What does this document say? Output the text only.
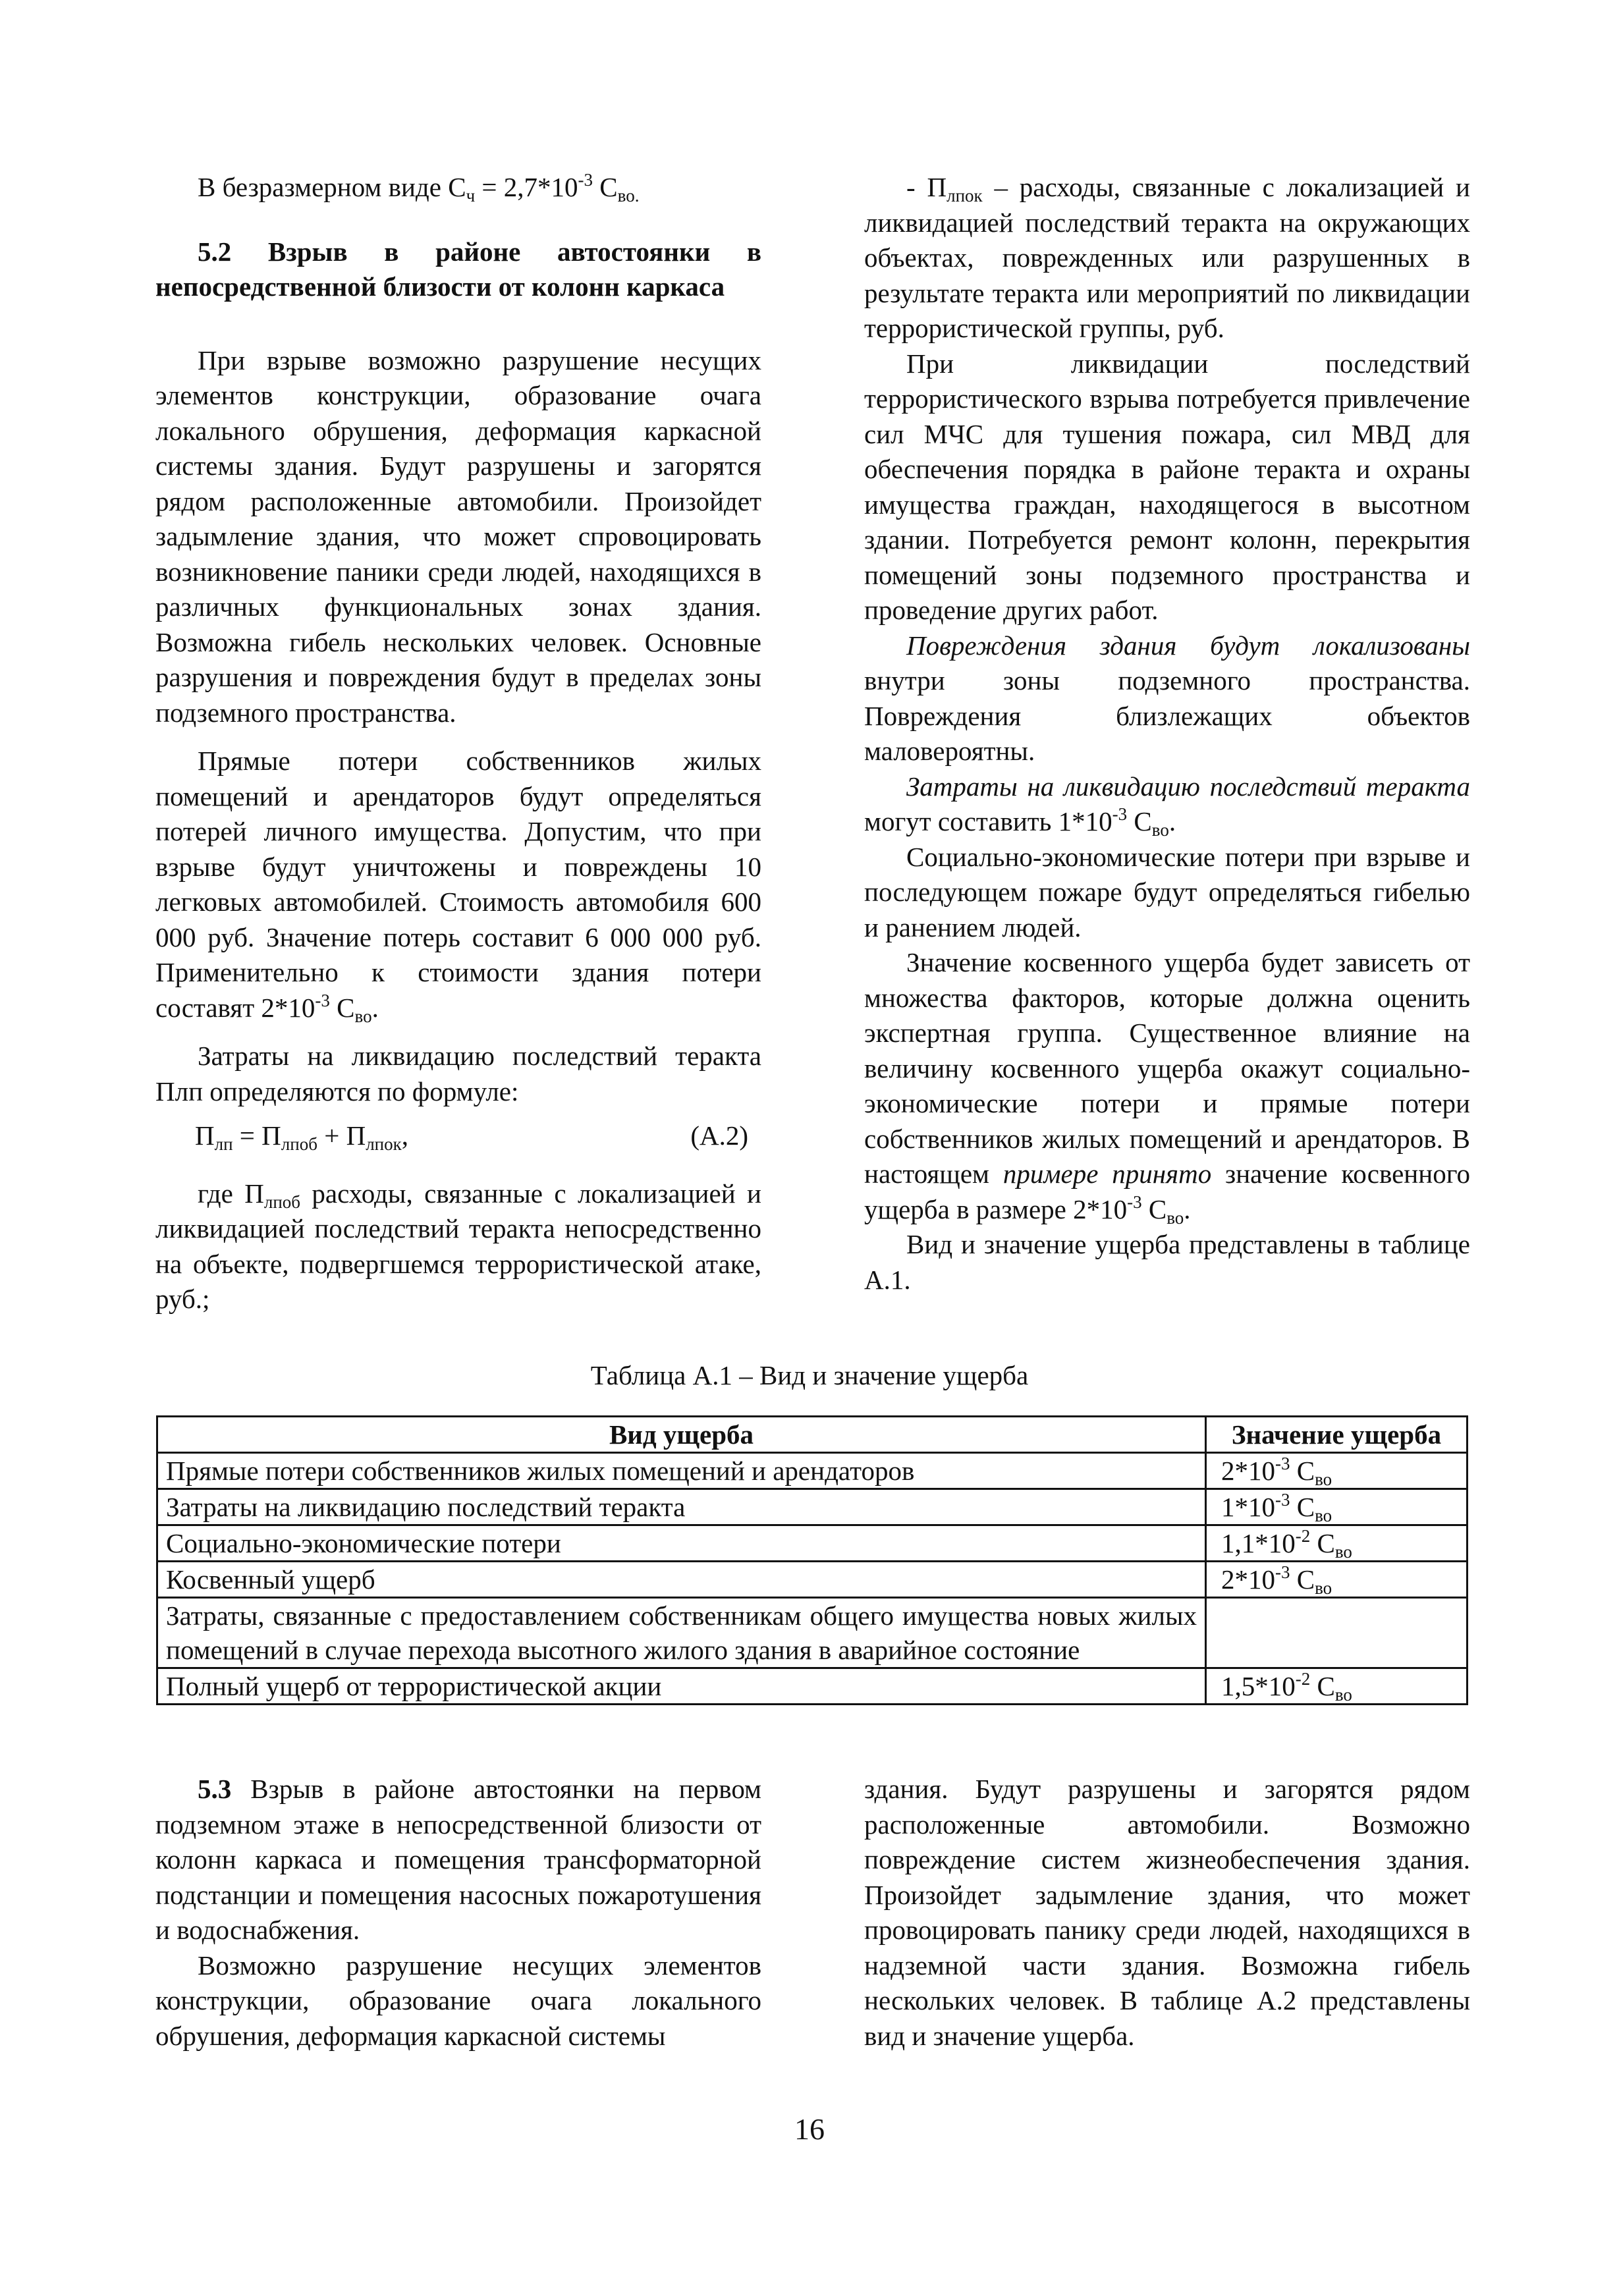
В безразмерном виде $С_ч = 2,7*10^{-3}$ $С_{во.}$

5.2 Взрыв в районе автостоянки в непосредственной близости от колонн каркаса

При взрыве возможно разрушение несущих элементов конструкции, образование очага локального обрушения, деформация каркасной системы здания. Будут разрушены и загорятся рядом расположенные автомобили. Произойдет задымление здания, что может спровоцировать возникновение паники среди людей, находящихся в различных функциональных зонах здания. Возможна гибель нескольких человек. Основные разрушения и повреждения будут в пределах зоны подземного пространства.

Прямые потери собственников жилых помещений и арендаторов будут определяться потерей личного имущества. Допустим, что при взрыве будут уничтожены и повреждены 10 легковых автомобилей. Стоимость автомобиля 600 000 руб. Значение потерь составит 6 000 000 руб. Применительно к стоимости здания потери составят $2*10^{-3}$ $С_{во}$.

Затраты на ликвидацию последствий теракта Плп определяются по формуле:

$П_{лп} = П_{лпоб} + П_{лпок}$,	(А.2)

где $П_{лпоб}$ расходы, связанные с локализацией и ликвидацией последствий теракта непосредственно на объекте, подвергшемся террористической атаке, руб.;

- $П_{лпок}$ – расходы, связанные с локализацией и ликвидацией последствий теракта на окружающих объектах, поврежденных или разрушенных в результате теракта или мероприятий по ликвидации террористической группы, руб.

При ликвидации последствий террористического взрыва потребуется привлечение сил МЧС для тушения пожара, сил МВД для обеспечения порядка в районе теракта и охраны имущества граждан, находящегося в высотном здании. Потребуется ремонт колонн, перекрытия помещений зоны подземного пространства и проведение других работ.

Повреждения здания будут локализованы внутри зоны подземного пространства. Повреждения близлежащих объектов маловероятны.

Затраты на ликвидацию последствий теракта могут составить $1*10^{-3}$ $С_{во}$.

Социально-экономические потери при взрыве и последующем пожаре будут определяться гибелью и ранением людей.

Значение косвенного ущерба будет зависеть от множества факторов, которые должна оценить экспертная группа. Существенное влияние на величину косвенного ущерба окажут социально-экономические потери и прямые потери собственников жилых помещений и арендаторов. В настоящем примере принято значение косвенного ущерба в размере $2*10^{-3}$ $С_{во}$.

Вид и значение ущерба представлены в таблице А.1.

Таблица А.1 – Вид и значение ущерба
Вид ущерба	Значение ущерба
Прямые потери собственников жилых помещений и арендаторов	$2*10^{-3}$ $С_{во}$
Затраты на ликвидацию последствий теракта	$1*10^{-3}$ $С_{во}$
Социально-экономические потери	$1,1*10^{-2}$ $С_{во}$
Косвенный ущерб	$2*10^{-3}$ $С_{во}$
Затраты, связанные с предоставлением собственникам общего имущества новых жилых помещений в случае перехода высотного жилого здания в аварийное состояние	
Полный ущерб от террористической акции	$1,5*10^{-2}$ $С_{во}$

5.3 Взрыв в районе автостоянки на первом подземном этаже в непосредственной близости от колонн каркаса и помещения трансформаторной подстанции и помещения насосных пожаротушения и водоснабжения.

Возможно разрушение несущих элементов конструкции, образование очага локального обрушения, деформация каркасной системы

здания. Будут разрушены и загорятся рядом расположенные автомобили. Возможно повреждение систем жизнеобеспечения здания. Произойдет задымление здания, что может провоцировать панику среди людей, находящихся в надземной части здания. Возможна гибель нескольких человек. В таблице А.2 представлены вид и значение ущерба.

16
